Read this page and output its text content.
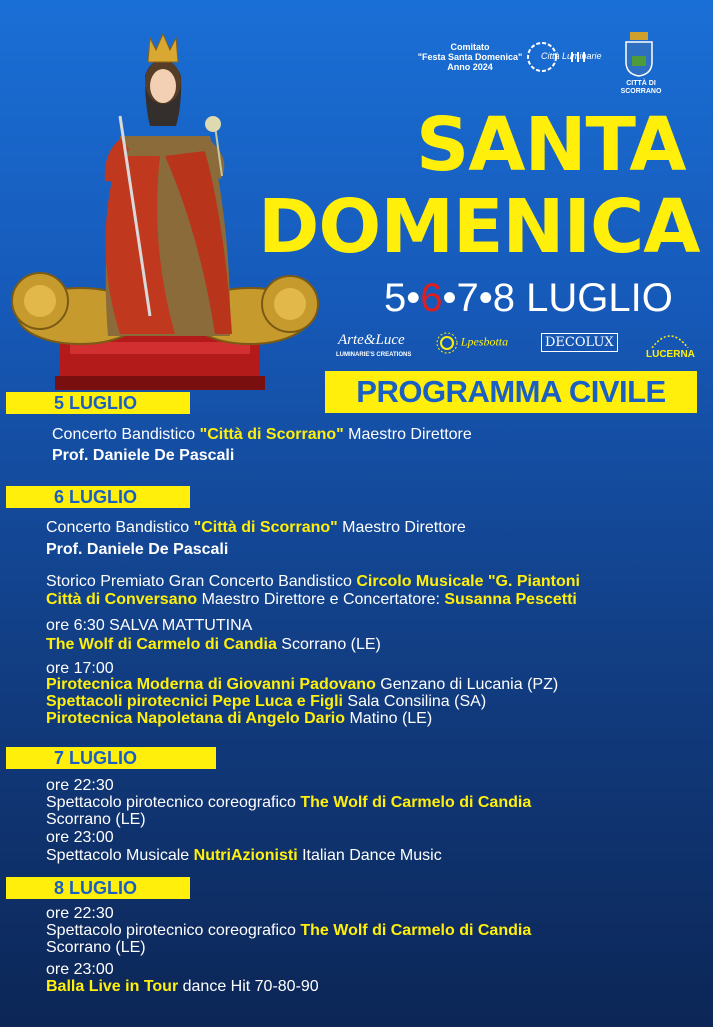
Comitato
"Festa Santa Domenica"
Anno 2024
Città Luminarie
CITTÀ DI
SCORRANO
SANTA
DOMENICA
5•6•7•8 LUGLIO
Arte&Luce
LUMINARIE'S CREATIONS
Lpesbotta	DECOLUX
LUCERNA
PROGRAMMA CIVILE
5 LUGLIO
Concerto Bandistico "Città di Scorrano" Maestro Direttore
Prof. Daniele De Pascali
6 LUGLIO
Concerto Bandistico "Città di Scorrano" Maestro Direttore
Prof. Daniele De Pascali
Storico Premiato Gran Concerto Bandistico Circolo Musicale "G. Piantoni
Città di Conversano Maestro Direttore e Concertatore: Susanna Pescetti
ore 6:30 SALVA MATTUTINA
The Wolf di Carmelo di Candia Scorrano (LE)
ore 17:00
Pirotecnica Moderna di Giovanni Padovano Genzano di Lucania (PZ)
Spettacoli pirotecnici Pepe Luca e Figli Sala Consilina (SA)
Pirotecnica Napoletana di Angelo Dario Matino (LE)
7 LUGLIO
ore 22:30
Spettacolo pirotecnico coreografico The Wolf di Carmelo di Candia
Scorrano (LE)
ore 23:00
Spettacolo Musicale NutriAzionisti Italian Dance Music
8 LUGLIO
ore 22:30
Spettacolo pirotecnico coreografico The Wolf di Carmelo di Candia
Scorrano (LE)
ore 23:00
Balla Live in Tour dance Hit 70-80-90
